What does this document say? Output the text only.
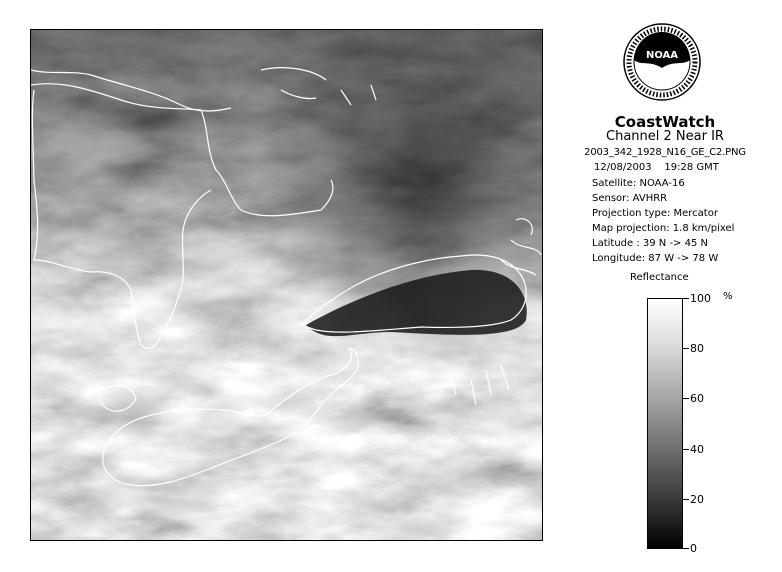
NOAA
CoastWatch
Channel 2 Near IR
2003_342_1928_N16_GE_C2.PNG
12/08/2003 19:28 GMT
Satellite: NOAA-16
Sensor: AVHRR
Projection type: Mercator
Map projection: 1.8 km/pixel
Latitude : 39 N -> 45 N
Longitude: 87 W -> 78 W
Reflectance
%
100
80
60
40
20
0
